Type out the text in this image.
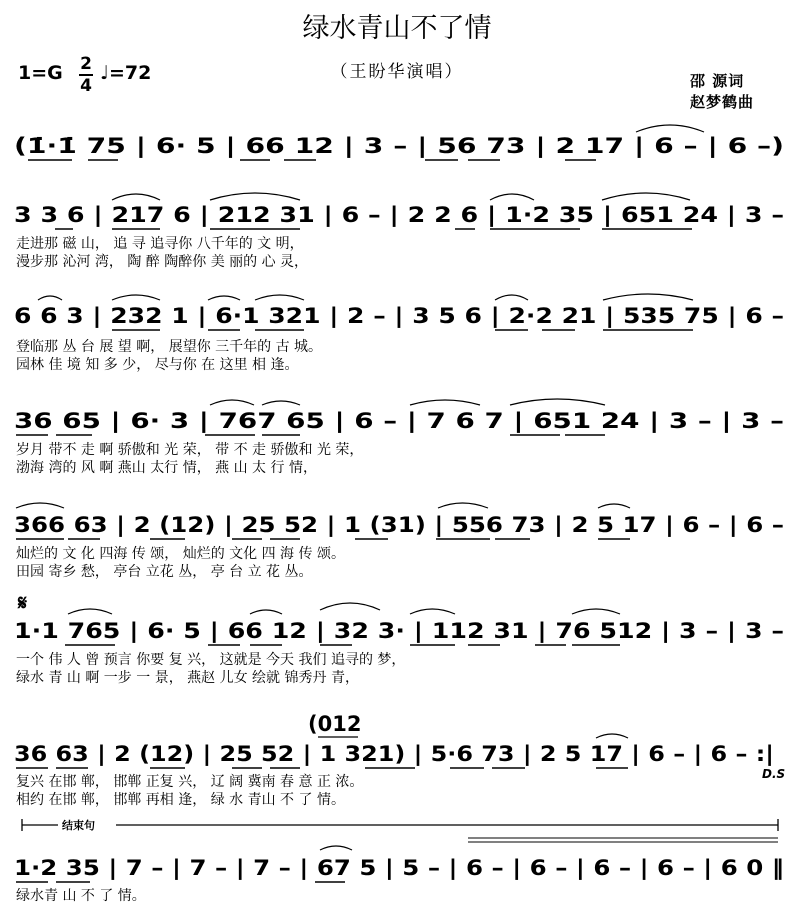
绿水青山不了情
（王盼华演唱）
1=G 2
4
♩=72	邵 源词
赵梦鹤曲
(1̇·1̇ 75 | 6· 5 | 66 12 | 3 – | 56 73 | 2 17 | 6 – | 6 –)
3 3 6 | 217 6 | 212 31 | 6 – | 2 2 6 | 1·2 35 | 651 24 | 3 –
走进那 磁 山， 追 寻 追寻你 八千年的 文 明，
漫步那 沁河 湾， 陶 醉 陶醉你 美 丽的 心 灵，
6 6 3 | 232 1 | 6·1 321 | 2 – | 3 5 6 | 2·2 21 | 535 75 | 6 –
登临那 丛 台 展 望 啊， 展望你 三千年的 古 城。
园林 佳 境 知 多 少， 尽与你 在 这里 相 逢。
36 65 | 6· 3 | 767 65 | 6 – | 7 6 7 | 651 24 | 3 – | 3 –
岁月 带不 走 啊 骄傲和 光 荣， 带 不 走 骄傲和 光 荣，
渤海 湾的 风 啊 燕山 太行 情， 燕 山 太 行 情，
366 63 | 2 (12) | 25 52 | 1 (31) | 556 73 | 2 5 17 | 6 – | 6 –
灿烂的 文 化 四海 传 颂， 灿烂的 文化 四 海 传 颂。
田园 寄乡 愁， 亭台 立花 丛， 亭 台 立 花 丛。
𝄋
1·1 765 | 6· 5 | 66 12 | 32 3· | 112 31 | 76 512 | 3 – | 3 –
一个 伟 人 曾 预言 你要 复 兴， 这就是 今天 我们 追寻的 梦，
绿水 青 山 啊 一步 一 景， 燕赵 儿女 绘就 锦秀丹 青，
(012
36 63 | 2 (12) | 25 52 | 1 321) | 5·6 73 | 2 5 17 | 6 – | 6 – :|
D.S
复兴 在邯 郸， 邯郸 正复 兴， 辽 阔 冀南 春 意 正 浓。
相约 在邯 郸， 邯郸 再相 逢， 绿 水 青山 不 了 情。
结束句
1·2 35 | 7 – | 7 – | 7 – | 67 5 | 5 – | 6 – | 6 – | 6 – | 6 – | 6 0 ‖
绿水青 山 不 了 情。
